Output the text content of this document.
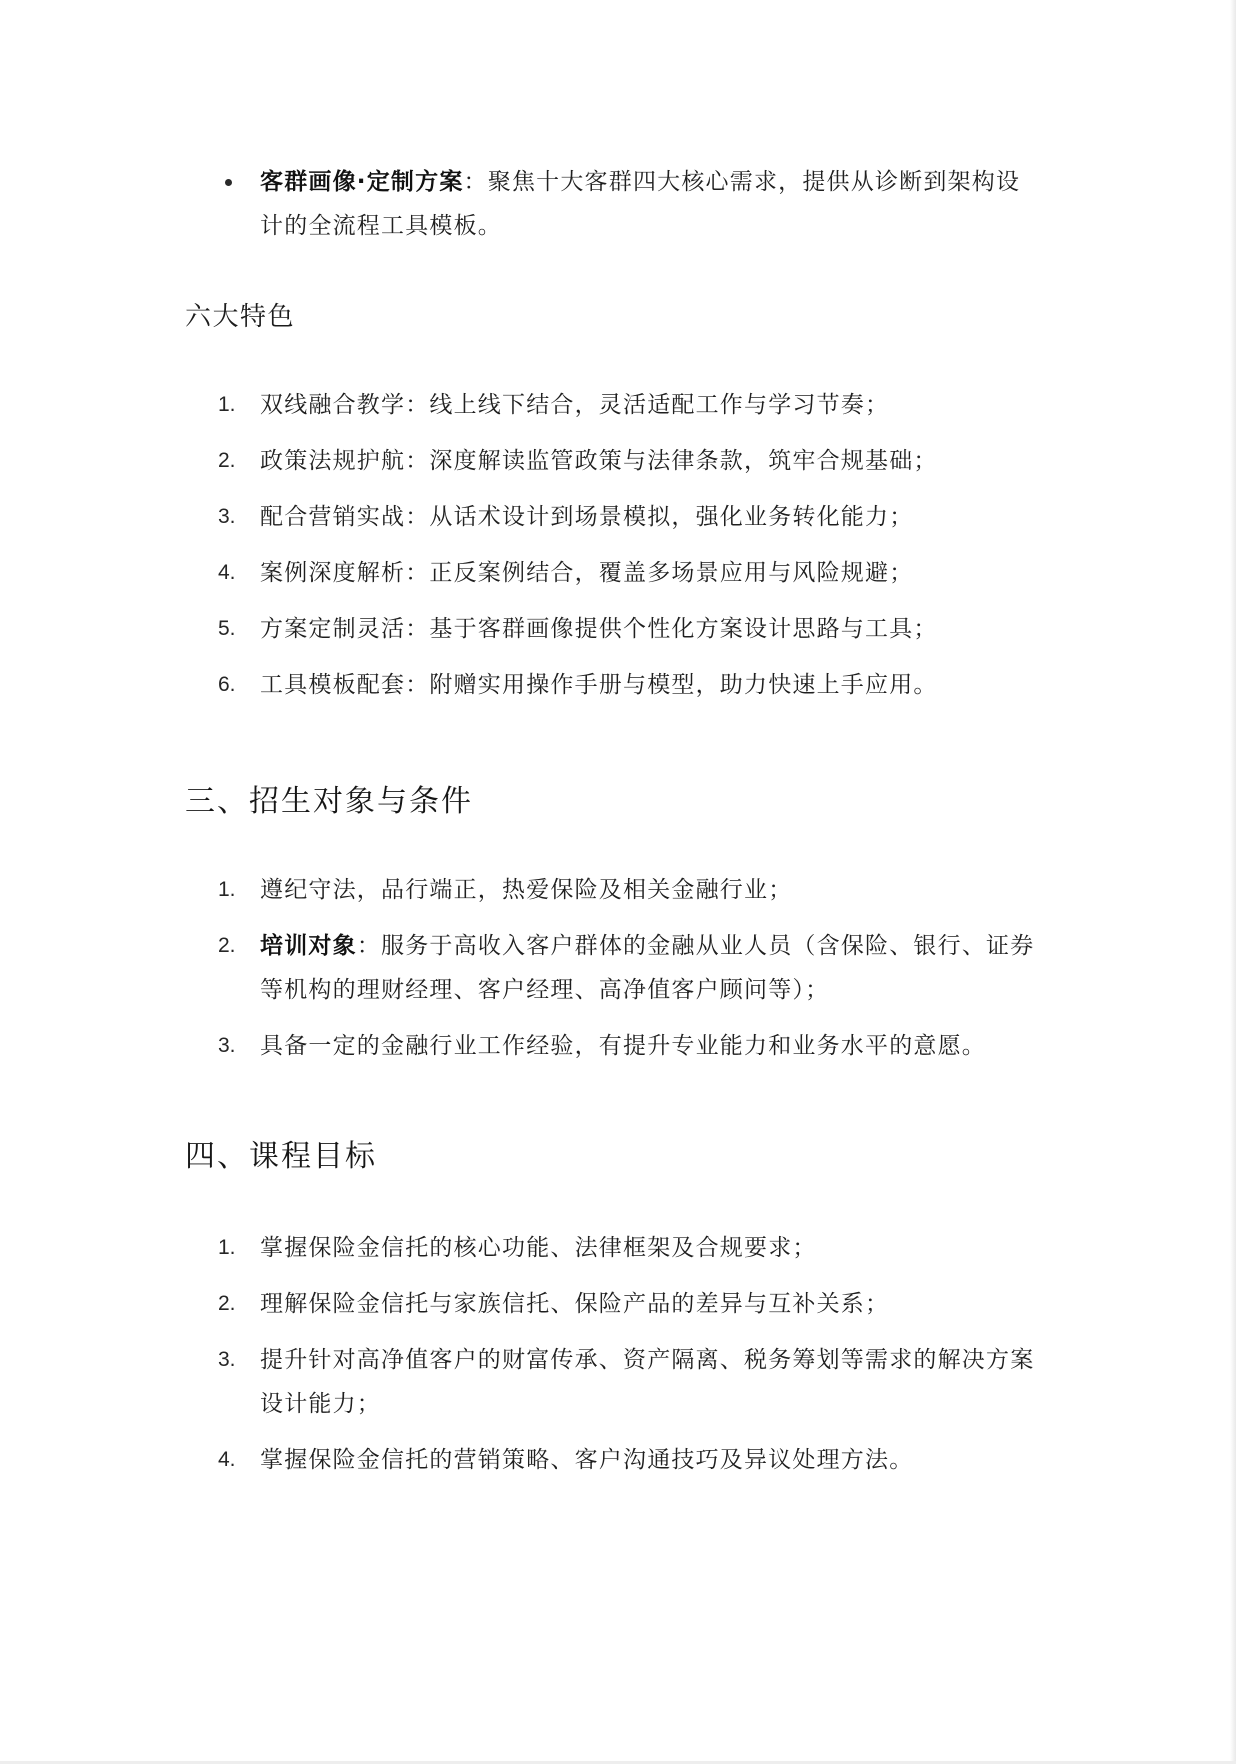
客群画像·定制方案：聚焦十大客群四大核心需求，提供从诊断到架构设
计的全流程工具模板。
六大特色
1.	双线融合教学：线上线下结合，灵活适配工作与学习节奏；
2.	政策法规护航：深度解读监管政策与法律条款，筑牢合规基础；
3.	配合营销实战：从话术设计到场景模拟，强化业务转化能力；
4.	案例深度解析：正反案例结合，覆盖多场景应用与风险规避；
5.	方案定制灵活：基于客群画像提供个性化方案设计思路与工具；
6.	工具模板配套：附赠实用操作手册与模型，助力快速上手应用。
三、招生对象与条件
1.	遵纪守法，品行端正，热爱保险及相关金融行业；
2.	培训对象：服务于高收入客户群体的金融从业人员（含保险、银行、证券
等机构的理财经理、客户经理、高净值客户顾问等）；
3.	具备一定的金融行业工作经验，有提升专业能力和业务水平的意愿。
四、课程目标
1.	掌握保险金信托的核心功能、法律框架及合规要求；
2.	理解保险金信托与家族信托、保险产品的差异与互补关系；
3.	提升针对高净值客户的财富传承、资产隔离、税务筹划等需求的解决方案
设计能力；
4.	掌握保险金信托的营销策略、客户沟通技巧及异议处理方法。
